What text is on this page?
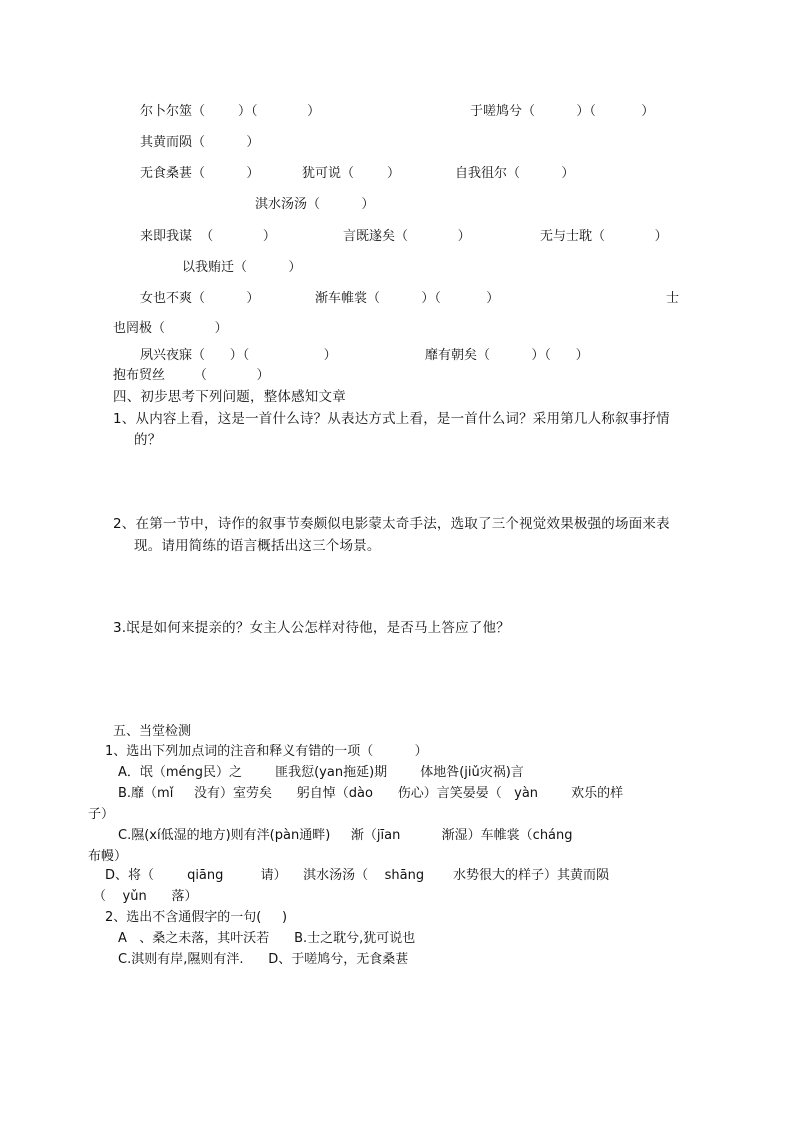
尔卜尔筮（        ）（            ）	于嗟鸠兮（          ）（           ）
其黄而陨（          ）
无食桑葚（          ）	犹可说（        ）	自我徂尔（          ）
淇水汤汤（          ）
来即我谋  （            ）	言既遂矣（            ）	无与士耽（            ）
以我贿迁（          ）
女也不爽（          ）	渐车帷裳（          ）（           ）	士
也罔极（            ）
夙兴夜寐（      ）（                  ）	靡有朝矣（          ）（      ）
抱布贸丝       （            ）
四、初步思考下列问题，整体感知文章
1、从内容上看，这是一首什么诗？从表达方式上看，是一首什么词？采用第几人称叙事抒情
的？
2、在第一节中，诗作的叙事节奏颇似电影蒙太奇手法，选取了三个视觉效果极强的场面来表
现。请用简练的语言概括出这三个场景。
3.氓是如何来提亲的？女主人公怎样对待他，是否马上答应了他？
五、当堂检测
1、选出下列加点词的注音和释义有错的一项（          ）
A．氓（méng民）之        匪我愆(yan拖延)期        体地咎(jiǔ灾祸)言
B.靡（mǐ     没有）室劳矣      躬自悼（dào      伤心）言笑晏晏（   yàn        欢乐的样
子）
C.隰(xí低湿的地方)则有泮(pàn通畔)     渐（jīan          渐湿）车帷裳（cháng
布幔）
D、将（        qiāng         请）    淇水汤汤（    shāng       水势很大的样子）其黄而陨
（    yǔn      落）
2、选出不含通假字的一句(     )
A   、桑之未落，其叶沃若      B.士之耽兮,犹可说也
C.淇则有岸,隰则有泮.      D、于嗟鸠兮，无食桑葚
